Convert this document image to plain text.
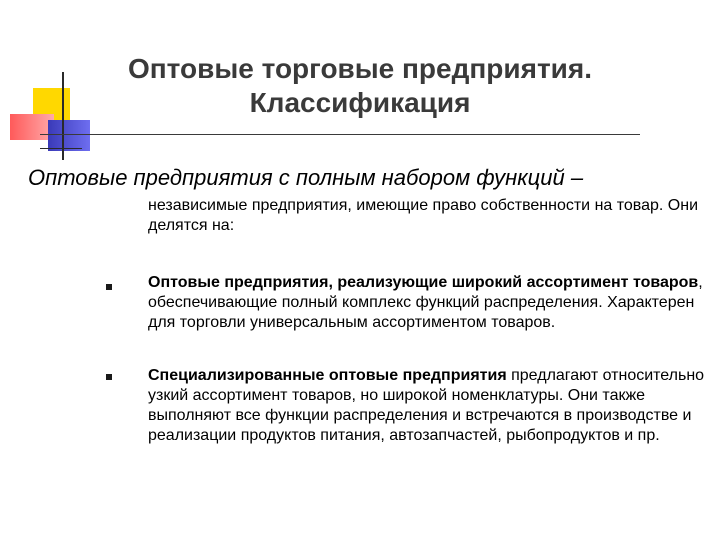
Оптовые торговые предприятия.
Классификация
Оптовые предприятия с полным набором функций –
независимые предприятия, имеющие право собственности на товар. Они делятся на:
Оптовые предприятия, реализующие широкий ассортимент товаров, обеспечивающие полный комплекс функций распределения. Характерен для торговли универсальным ассортиментом товаров.
Специализированные оптовые предприятия предлагают относительно узкий ассортимент товаров, но широкой номенклатуры. Они также выполняют все функции распределения и встречаются в производстве и реализации продуктов питания, автозапчастей, рыбопродуктов и пр.
